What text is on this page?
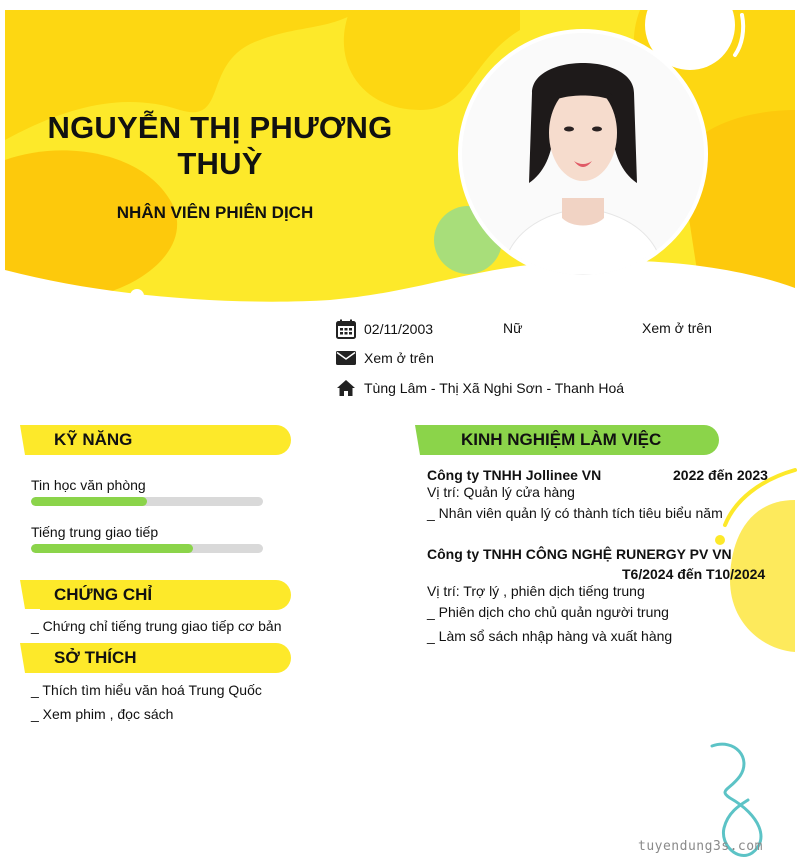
NGUYỄN THỊ PHƯƠNG THUỲ
NHÂN VIÊN PHIÊN DỊCH
02/11/2003	Nữ	Xem ở trên
Xem ở trên
Tùng Lâm - Thị Xã Nghi Sơn - Thanh Hoá
KỸ NĂNG
Tin học văn phòng
Tiếng trung giao tiếp
CHỨNG CHỈ
_ Chứng chỉ tiếng trung giao tiếp cơ bản
SỞ THÍCH
_ Thích tìm hiểu văn hoá Trung Quốc
_ Xem phim , đọc sách
KINH NGHIỆM LÀM VIỆC
Công ty TNHH Jollinee VN	2022 đến 2023
Vị trí: Quản lý cửa hàng
_ Nhân viên quản lý có thành tích tiêu biểu năm
Công ty TNHH CÔNG NGHỆ RUNERGY PV VN
T6/2024 đến T10/2024
Vị trí: Trợ lý , phiên dịch tiếng trung
_ Phiên dịch cho chủ quản người trung
_ Làm sổ sách nhập hàng và xuất hàng
tuyendung3s.com
